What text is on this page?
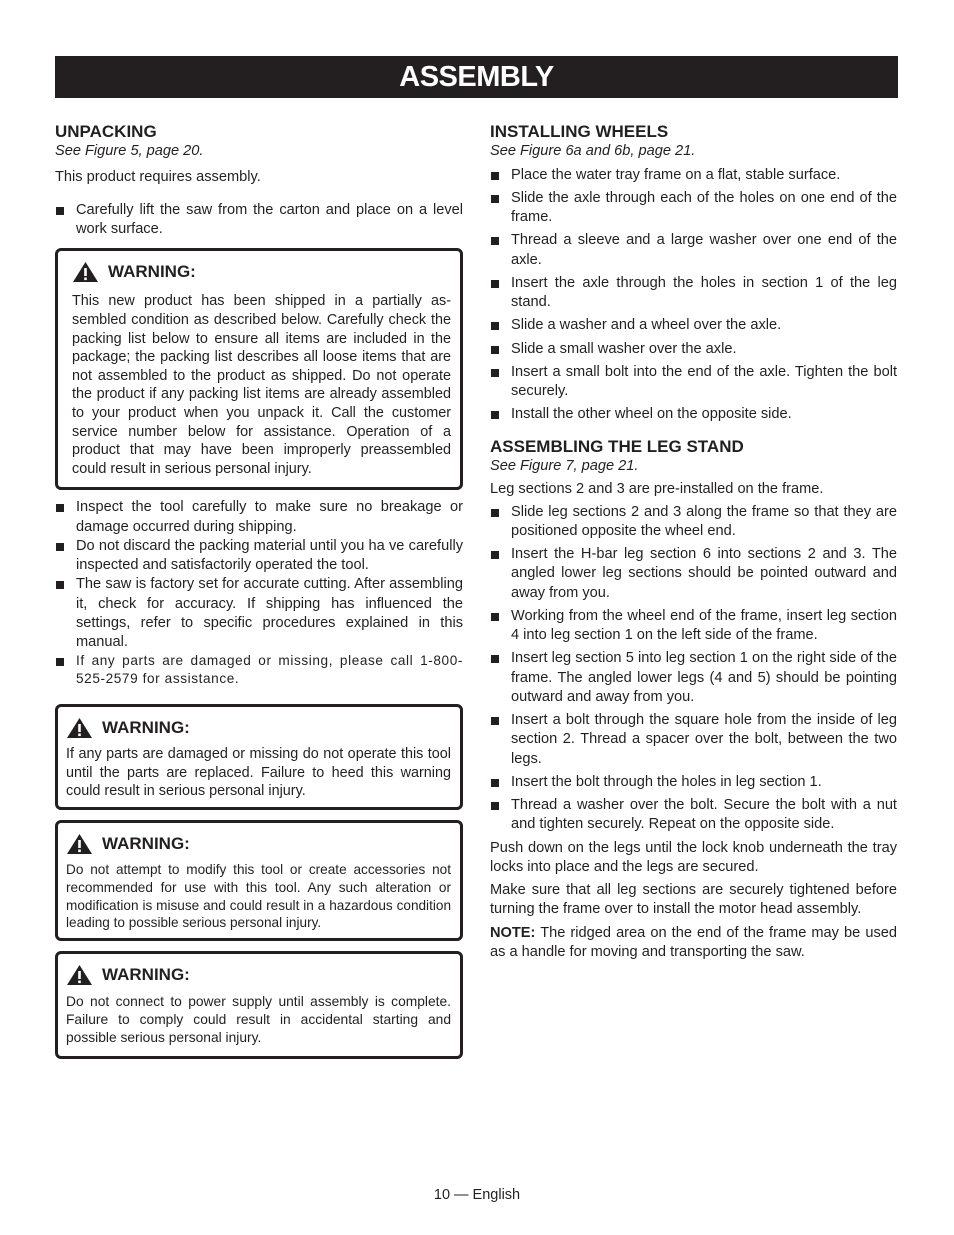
ASSEMBLY
UNPACKING
See Figure 5, page 20.

This product requires assembly.

Carefully lift the saw from the carton and place on a level work surface.
WARNING:
This new product has been shipped in a partially assembled condition as described below. Carefully check the packing list below to ensure all items are included in the package; the packing list describes all loose items that are not assembled to the product as shipped. Do not operate the product if any packing list items are already assembled to your product when you unpack it. Call the customer service number below for assistance. Operation of a product that may have been improperly preassembled could result in serious personal injury.
Inspect the tool carefully to make sure no breakage or damage occurred during shipping.
Do not discard the packing material until you ha ve carefully inspected and satisfactorily operated the tool.
The saw is factory set for accurate cutting. After assembling it, check for accuracy. If shipping has influenced the settings, refer to specific procedures explained in this manual.
If any parts are damaged or missing, please call 1-800-525-2579 for assistance.
WARNING:
If any parts are damaged or missing do not operate this tool until the parts are replaced. Failure to heed this warning could result in serious personal injury.
WARNING:
Do not attempt to modify this tool or create accessories not recommended for use with this tool. Any such alteration or modification is misuse and could result in a hazardous condition leading to possible serious personal injury.
WARNING:
Do not connect to power supply until assembly is complete. Failure to comply could result in accidental starting and possible serious personal injury.
INSTALLING WHEELS
See Figure 6a and 6b, page 21.
Place the water tray frame on a flat, stable surface.
Slide the axle through each of the holes on one end of the frame.
Thread a sleeve and a large washer over one end of the axle.
Insert the axle through the holes in section 1 of the leg stand.
Slide a washer and a wheel over the axle.
Slide a small washer over the axle.
Insert a small bolt into the end of the axle. Tighten the bolt securely.
Install the other wheel on the opposite side.
ASSEMBLING THE LEG STAND
See Figure 7, page 21.

Leg sections 2 and 3 are pre-installed on the frame.

Slide leg sections 2 and 3 along the frame so that they are positioned opposite the wheel end.
Insert the H-bar leg section 6 into sections 2 and 3. The angled lower leg sections should be pointed outward and away from you.
Working from the wheel end of the frame, insert leg section 4 into leg section 1 on the left side of the frame.
Insert leg section 5 into leg section 1 on the right side of the frame. The angled lower legs (4 and 5) should be pointing outward and away from you.
Insert a bolt through the square hole from the inside of leg section 2. Thread a spacer over the bolt, between the two legs.
Insert the bolt through the holes in leg section 1.
Thread a washer over the bolt. Secure the bolt with a nut and tighten securely. Repeat on the opposite side.

Push down on the legs until the lock knob underneath the tray locks into place and the legs are secured.

Make sure that all leg sections are securely tightened before turning the frame over to install the motor head assembly.

NOTE: The ridged area on the end of the frame may be used as a handle for moving and transporting the saw.

10 — English
